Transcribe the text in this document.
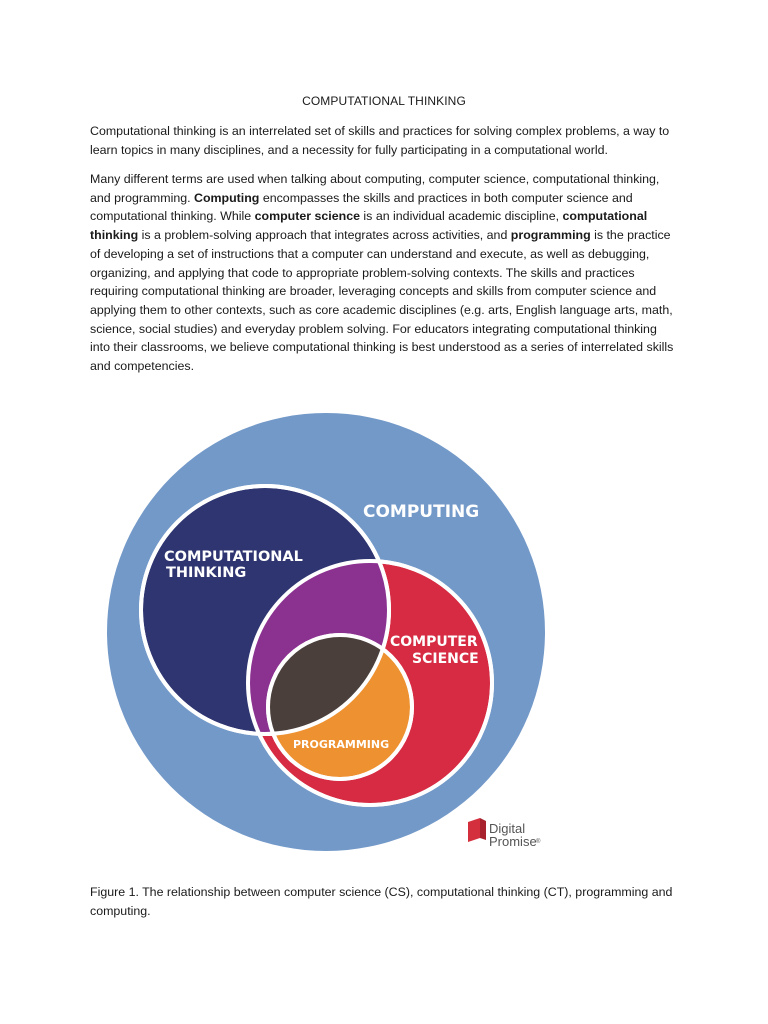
COMPUTATIONAL THINKING

Computational thinking is an interrelated set of skills and practices for solving complex problems, a way to learn topics in many disciplines, and a necessity for fully participating in a computational world.

Many different terms are used when talking about computing, computer science, computational thinking, and programming. Computing encompasses the skills and practices in both computer science and computational thinking. While computer science is an individual academic discipline, computational thinking is a problem-solving approach that integrates across activities, and programming is the practice of developing a set of instructions that a computer can understand and execute, as well as debugging, organizing, and applying that code to appropriate problem-solving contexts. The skills and practices requiring computational thinking are broader, leveraging concepts and skills from computer science and applying them to other contexts, such as core academic disciplines (e.g. arts, English language arts, math, science, social studies) and everyday problem solving. For educators integrating computational thinking into their classrooms, we believe computational thinking is best understood as a series of interrelated skills and competencies.

COMPUTING
COMPUTATIONAL
THINKING
COMPUTER
SCIENCE
PROGRAMMING
Digital
Promise ®

Figure 1. The relationship between computer science (CS), computational thinking (CT), programming and computing.
